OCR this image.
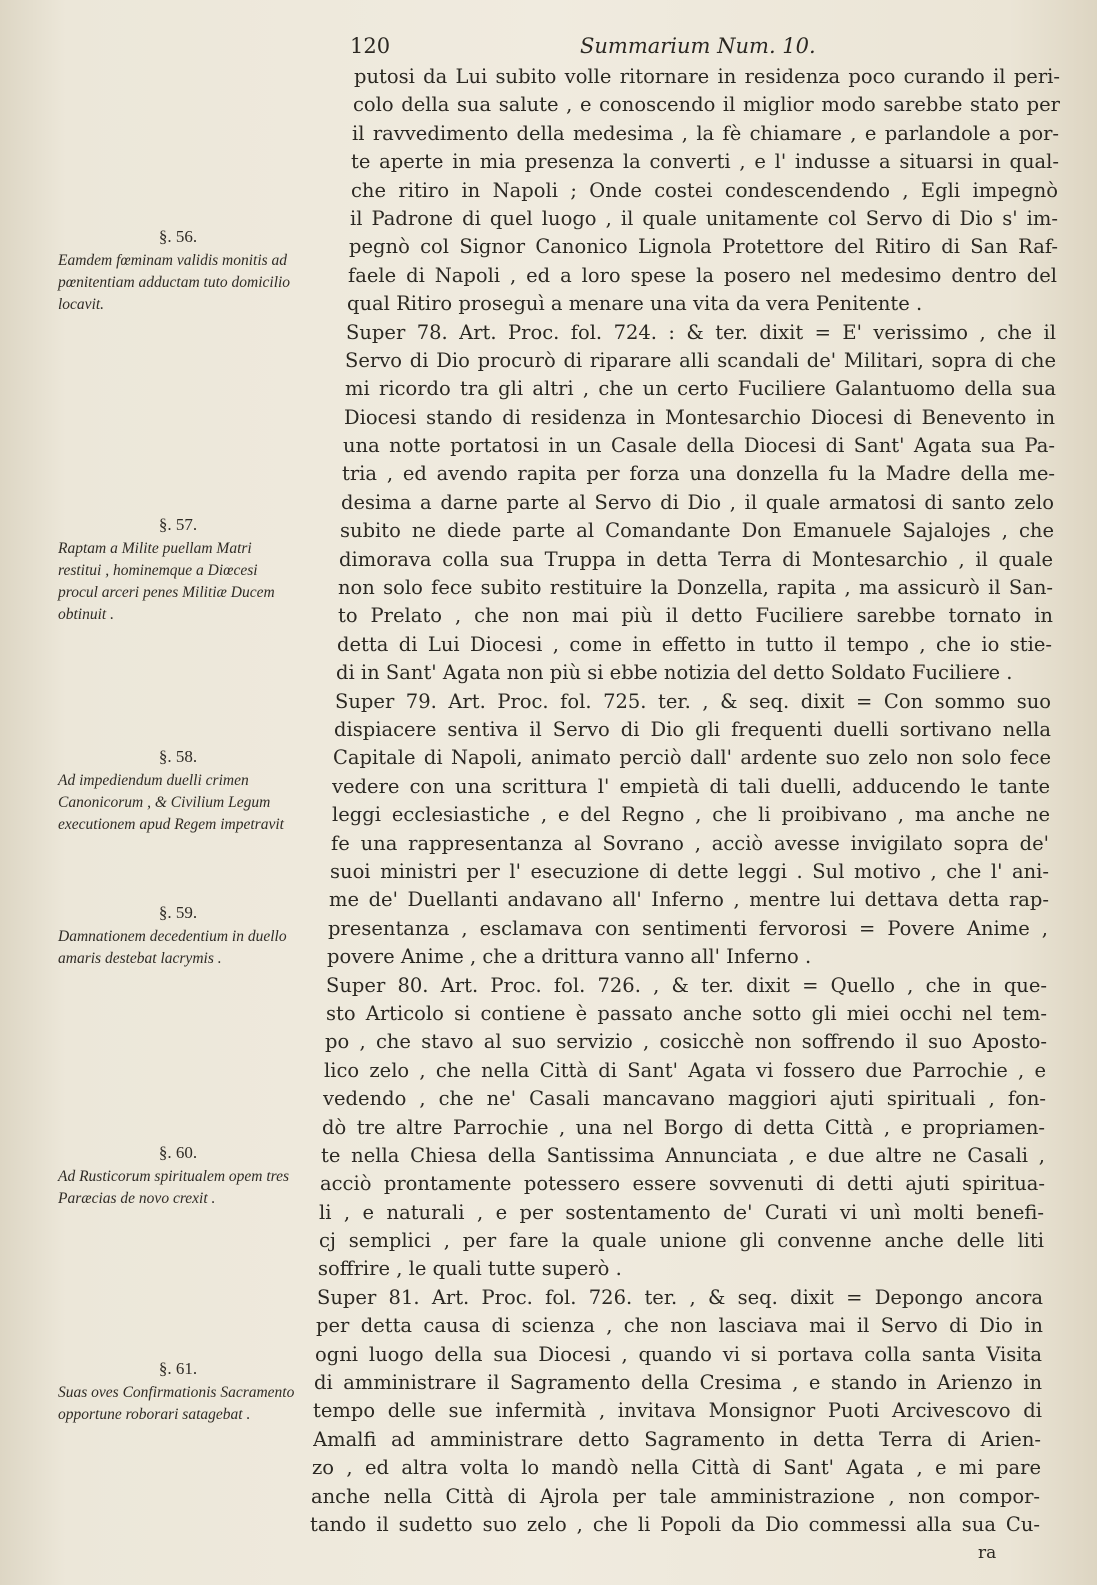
120	Summarium Num. 10.
putosi da Lui subito volle ritornare in residenza poco curando il peri-
colo della sua salute , e conoscendo il miglior modo sarebbe stato per
il ravvedimento della medesima , la fè chiamare , e parlandole a por-
te aperte in mia presenza la converti , e l' indusse a situarsi in qual-
che ritiro in Napoli ; Onde costei condescendendo , Egli impegnò
il Padrone di quel luogo , il quale unitamente col Servo di Dio s' im-
pegnò col Signor Canonico Lignola Protettore del Ritiro di San Raf-
faele di Napoli , ed a loro spese la posero nel medesimo dentro del
qual Ritiro proseguì a menare una vita da vera Penitente .
Super 78. Art. Proc. fol. 724. : & ter. dixit = E' verissimo , che il
Servo di Dio procurò di riparare alli scandali de' Militari, sopra di che
mi ricordo tra gli altri , che un certo Fuciliere Galantuomo della sua
Diocesi stando di residenza in Montesarchio Diocesi di Benevento in
una notte portatosi in un Casale della Diocesi di Sant' Agata sua Pa-
tria , ed avendo rapita per forza una donzella fu la Madre della me-
desima a darne parte al Servo di Dio , il quale armatosi di santo zelo
subito ne diede parte al Comandante Don Emanuele Sajalojes , che
dimorava colla sua Truppa in detta Terra di Montesarchio , il quale
non solo fece subito restituire la Donzella, rapita , ma assicurò il San-
to Prelato , che non mai più il detto Fuciliere sarebbe tornato in
detta di Lui Diocesi , come in effetto in tutto il tempo , che io stie-
di in Sant' Agata non più si ebbe notizia del detto Soldato Fuciliere .
Super 79. Art. Proc. fol. 725. ter. , & seq. dixit = Con sommo suo
dispiacere sentiva il Servo di Dio gli frequenti duelli sortivano nella
Capitale di Napoli, animato perciò dall' ardente suo zelo non solo fece
vedere con una scrittura l' empietà di tali duelli, adducendo le tante
leggi ecclesiastiche , e del Regno , che li proibivano , ma anche ne
fe una rappresentanza al Sovrano , acciò avesse invigilato sopra de'
suoi ministri per l' esecuzione di dette leggi . Sul motivo , che l' ani-
me de' Duellanti andavano all' Inferno , mentre lui dettava detta rap-
presentanza , esclamava con sentimenti fervorosi = Povere Anime ,
povere Anime , che a drittura vanno all' Inferno .
Super 80. Art. Proc. fol. 726. , & ter. dixit = Quello , che in que-
sto Articolo si contiene è passato anche sotto gli miei occhi nel tem-
po , che stavo al suo servizio , cosicchè non soffrendo il suo Aposto-
lico zelo , che nella Città di Sant' Agata vi fossero due Parrochie , e
vedendo , che ne' Casali mancavano maggiori ajuti spirituali , fon-
dò tre altre Parrochie , una nel Borgo di detta Città , e propriamen-
te nella Chiesa della Santissima Annunciata , e due altre ne Casali ,
acciò prontamente potessero essere sovvenuti di detti ajuti spiritua-
li , e naturali , e per sostentamento de' Curati vi unì molti benefi-
cj semplici , per fare la quale unione gli convenne anche delle liti
soffrire , le quali tutte superò .
Super 81. Art. Proc. fol. 726. ter. , & seq. dixit = Depongo ancora
per detta causa di scienza , che non lasciava mai il Servo di Dio in
ogni luogo della sua Diocesi , quando vi si portava colla santa Visita
di amministrare il Sagramento della Cresima , e stando in Arienzo in
tempo delle sue infermità , invitava Monsignor Puoti Arcivescovo di
Amalfi ad amministrare detto Sagramento in detta Terra di Arien-
zo , ed altra volta lo mandò nella Città di Sant' Agata , e mi pare
anche nella Città di Ajrola per tale amministrazione , non compor-
tando il sudetto suo zelo , che li Popoli da Dio commessi alla sua Cu-
§. 56.
Eamdem fœminam validis monitis ad pœnitentiam adductam tuto domicilio locavit.
§. 57.
Raptam a Milite puellam Matri restitui , hominemque a Diœcesi procul arceri penes Militiæ Ducem obtinuit .
§. 58.
Ad impediendum duelli crimen Canonicorum , & Civilium Legum executionem apud Regem impetravit
§. 59.
Damnationem decedentium in duello amaris destebat lacrymis .
§. 60.
Ad Rusticorum spiritualem opem tres Paræcias de novo crexit .
§. 61.
Suas oves Confirmationis Sacramento opportune roborari satagebat .
ra
